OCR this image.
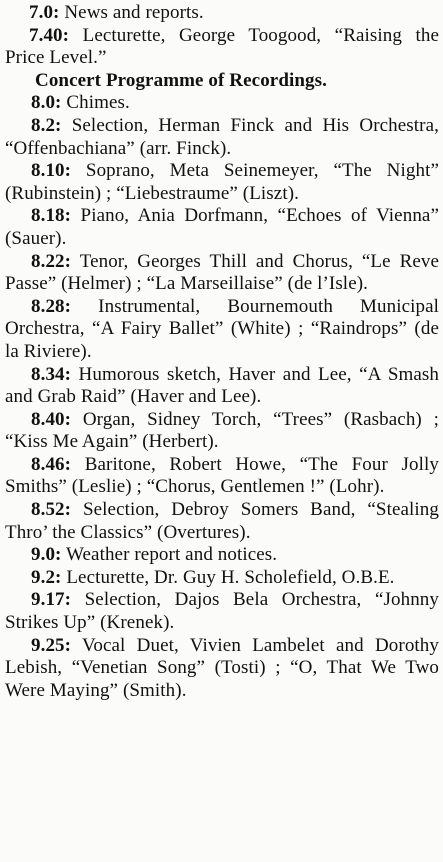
7.0: News and reports.

7.40: Lecturette, George Toogood, “Raising the Price Level.”

Concert Programme of Recordings.

8.0: Chimes.

8.2: Selection, Herman Finck and His Orchestra, “Offenbachiana” (arr. Finck).

8.10: Soprano, Meta Seinemeyer, “The Night” (Rubinstein) ; “Liebestraume” (Liszt).

8.18: Piano, Ania Dorfmann, “Echoes of Vienna” (Sauer).

8.22: Tenor, Georges Thill and Chorus, “Le Reve Passe” (Helmer) ; “La Marseillaise” (de l’Isle).

8.28: Instrumental, Bournemouth Municipal Orchestra, “A Fairy Ballet” (White) ; “Raindrops” (de la Riviere).

8.34: Humorous sketch, Haver and Lee, “A Smash and Grab Raid” (Haver and Lee).

8.40: Organ, Sidney Torch, “Trees” (Rasbach) ; “Kiss Me Again” (Herbert).

8.46: Baritone, Robert Howe, “The Four Jolly Smiths” (Leslie) ; “Chorus, Gentlemen !” (Lohr).

8.52: Selection, Debroy Somers Band, “Stealing Thro’ the Classics” (Overtures).

9.0: Weather report and notices.

9.2: Lecturette, Dr. Guy H. Scholefield, O.B.E.

9.17: Selection, Dajos Bela Orchestra, “Johnny Strikes Up” (Krenek).

9.25: Vocal Duet, Vivien Lambelet and Dorothy Lebish, “Venetian Song” (Tosti) ; “O, That We Two Were Maying” (Smith).
